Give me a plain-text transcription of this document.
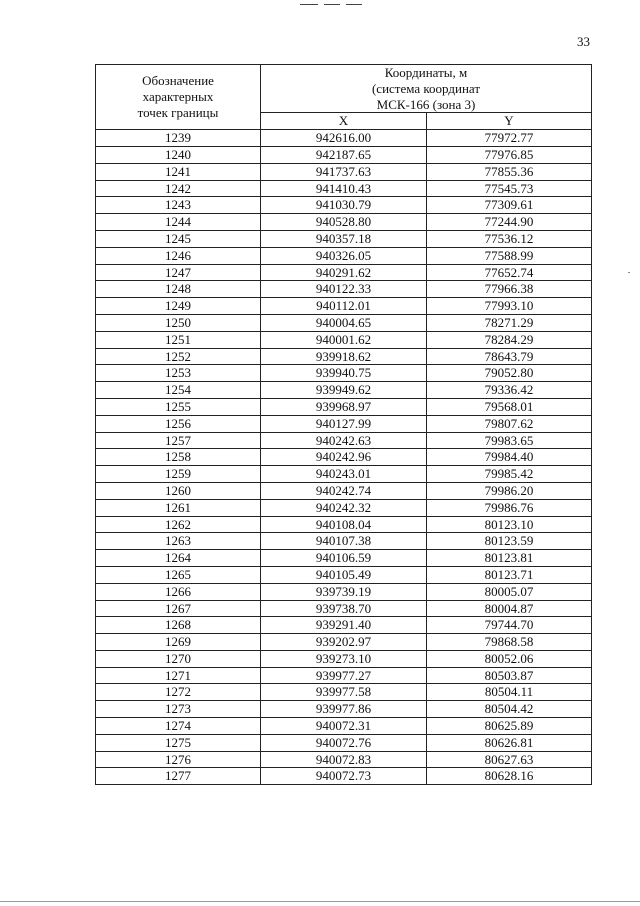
33
Обозначение
характерных
точек границы	Координаты, м
(система координат
МСК-166 (зона 3)	

	X	Y
1239	942616.00	77972.77
1240	942187.65	77976.85
1241	941737.63	77855.36
1242	941410.43	77545.73
1243	941030.79	77309.61
1244	940528.80	77244.90
1245	940357.18	77536.12
1246	940326.05	77588.99
1247	940291.62	77652.74
1248	940122.33	77966.38
1249	940112.01	77993.10
1250	940004.65	78271.29
1251	940001.62	78284.29
1252	939918.62	78643.79
1253	939940.75	79052.80
1254	939949.62	79336.42
1255	939968.97	79568.01
1256	940127.99	79807.62
1257	940242.63	79983.65
1258	940242.96	79984.40
1259	940243.01	79985.42
1260	940242.74	79986.20
1261	940242.32	79986.76
1262	940108.04	80123.10
1263	940107.38	80123.59
1264	940106.59	80123.81
1265	940105.49	80123.71
1266	939739.19	80005.07
1267	939738.70	80004.87
1268	939291.40	79744.70
1269	939202.97	79868.58
1270	939273.10	80052.06
1271	939977.27	80503.87
1272	939977.58	80504.11
1273	939977.86	80504.42
1274	940072.31	80625.89
1275	940072.76	80626.81
1276	940072.83	80627.63
1277	940072.73	80628.16
